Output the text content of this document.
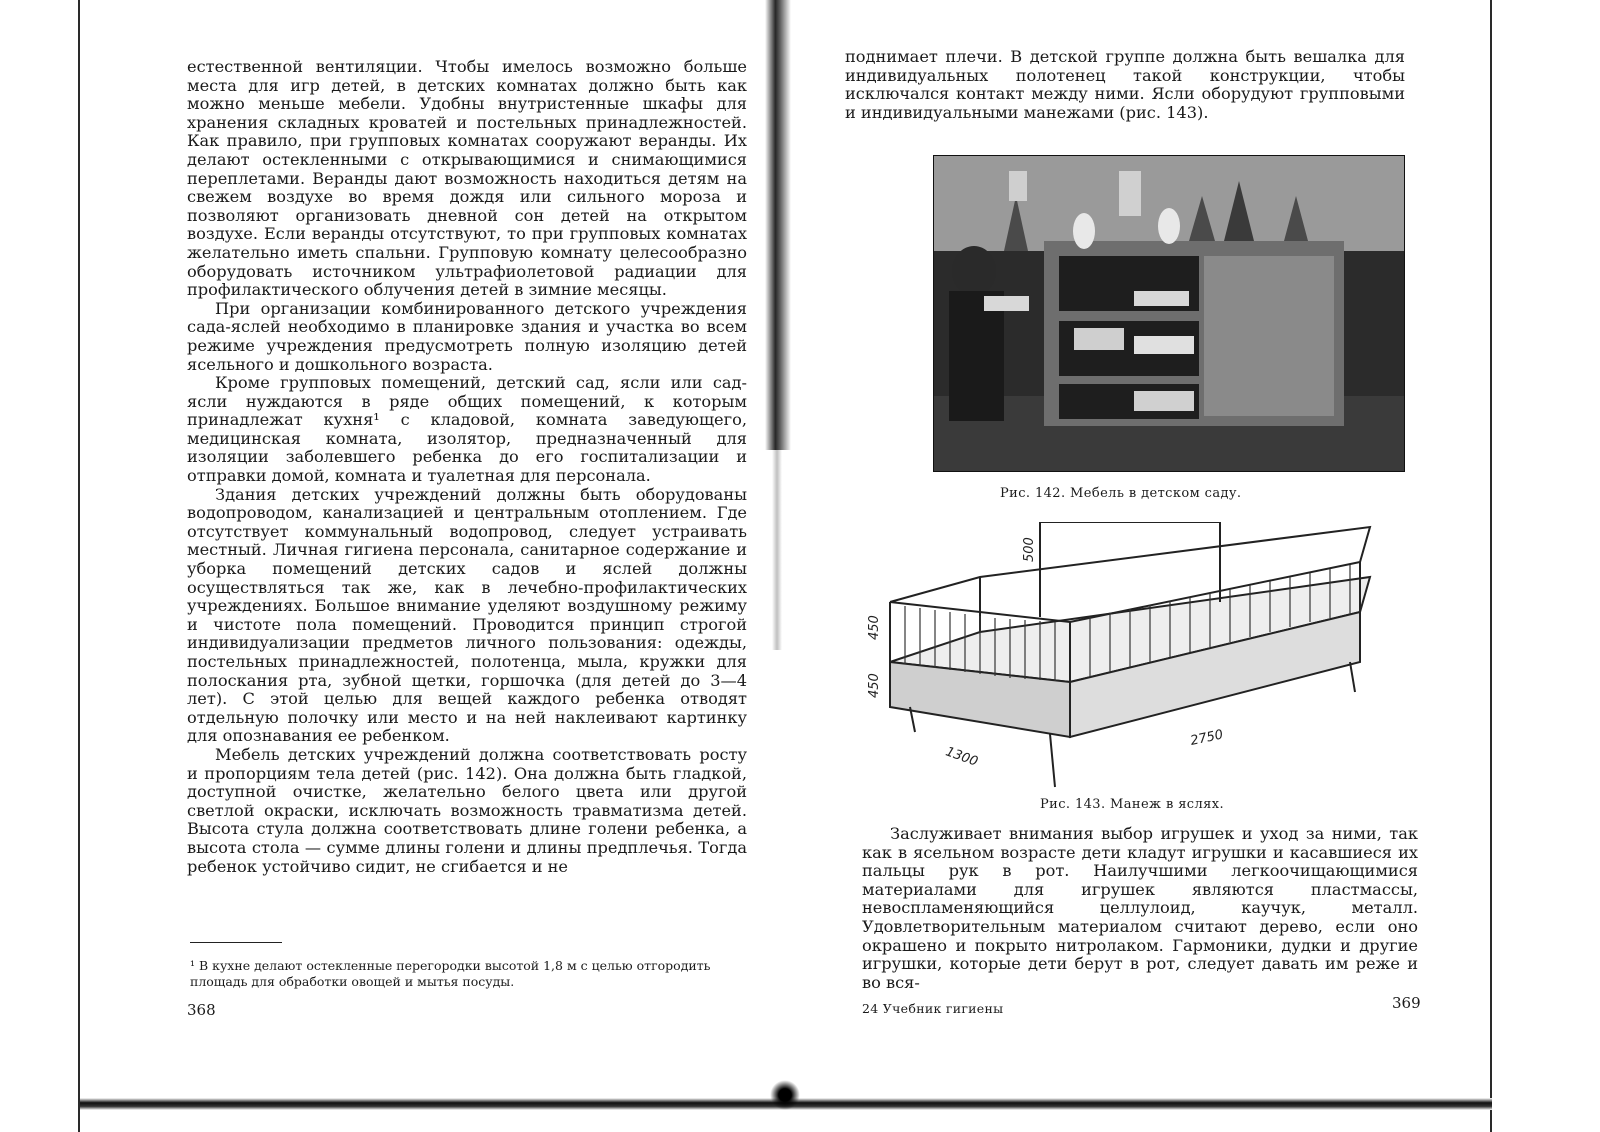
естественной вентиляции. Чтобы имелось возможно больше места для игр детей, в детских комнатах должно быть как можно меньше мебели. Удобны внутристенные шкафы для хранения складных кроватей и постельных принадлежностей. Как правило, при групповых комнатах сооружают веранды. Их делают остекленными с открывающимися и снимающимися переплетами. Веранды дают возможность находиться детям на свежем воздухе во время дождя или сильного мороза и позволяют организовать дневной сон детей на открытом воздухе. Если веранды отсутствуют, то при групповых комнатах желательно иметь спальни. Групповую комнату целесообразно оборудовать источником ультрафиолетовой радиации для профилактического облучения детей в зимние месяцы.

При организации комбинированного детского учреждения сада-яслей необходимо в планировке здания и участка во всем режиме учреждения предусмотреть полную изоляцию детей ясельного и дошкольного возраста.

Кроме групповых помещений, детский сад, ясли или сад-ясли нуждаются в ряде общих помещений, к которым принадлежат кухня¹ с кладовой, комната заведующего, медицинская комната, изолятор, предназначенный для изоляции заболевшего ребенка до его госпитализации и отправки домой, комната и туалетная для персонала.

Здания детских учреждений должны быть оборудованы водопроводом, канализацией и центральным отоплением. Где отсутствует коммунальный водопровод, следует устраивать местный. Личная гигиена персонала, санитарное содержание и уборка помещений детских садов и яслей должны осуществляться так же, как в лечебно-профилактических учреждениях. Большое внимание уделяют воздушному режиму и чистоте пола помещений. Проводится принцип строгой индивидуализации предметов личного пользования: одежды, постельных принадлежностей, полотенца, мыла, кружки для полоскания рта, зубной щетки, горшочка (для детей до 3—4 лет). С этой целью для вещей каждого ребенка отводят отдельную полочку или место и на ней наклеивают картинку для опознавания ее ребенком.

Мебель детских учреждений должна соответствовать росту и пропорциям тела детей (рис. 142). Она должна быть гладкой, доступной очистке, желательно белого цвета или другой светлой окраски, исключать возможность травматизма детей. Высота стула должна соответствовать длине голени ребенка, а высота стола — сумме длины голени и длины предплечья. Тогда ребенок устойчиво сидит, не сгибается и не

¹ В кухне делают остекленные перегородки высотой 1,8 м с целью отгородить площадь для обработки овощей и мытья посуды.
368

поднимает плечи. В детской группе должна быть вешалка для индивидуальных полотенец такой конструкции, чтобы исключался контакт между ними. Ясли оборудуют групповыми и индивидуальными манежами (рис. 143).

Рис. 142. Мебель в детском саду.
500
450
450
1300
2750
Рис. 143. Манеж в яслях.

Заслуживает внимания выбор игрушек и уход за ними, так как в ясельном возрасте дети кладут игрушки и касавшиеся их пальцы рук в рот. Наилучшими легкоочищающимися материалами для игрушек являются пластмассы, невоспламеняющийся целлулоид, каучук, металл. Удовлетворительным материалом считают дерево, если оно окрашено и покрыто нитролаком. Гармоники, дудки и другие игрушки, которые дети берут в рот, следует давать им реже и во вся-

24 Учебник гигиены	369
